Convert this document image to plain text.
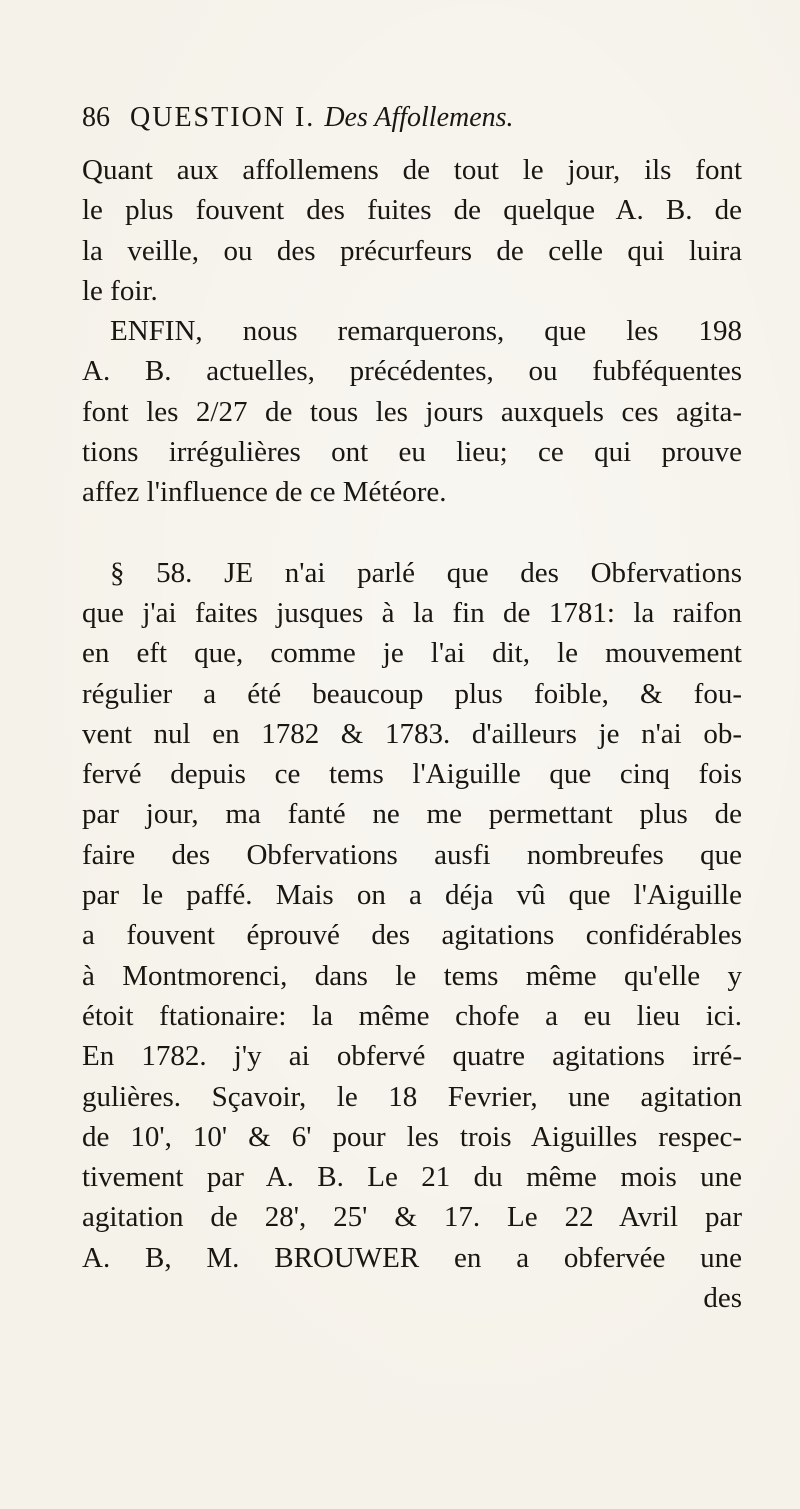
86 QUESTION I. Des Affollemens.
Quant aux affollemens de tout le jour, ils font
le plus fouvent des fuites de quelque A. B. de
la veille, ou des précurfeurs de celle qui luira
le foir.
ENFIN, nous remarquerons, que les 198
A. B. actuelles, précédentes, ou fubféquentes
font les 2/27 de tous les jours auxquels ces agita-
tions irrégulières ont eu lieu; ce qui prouve
affez l'influence de ce Météore.
§ 58. JE n'ai parlé que des Obfervations
que j'ai faites jusques à la fin de 1781: la raifon
en eft que, comme je l'ai dit, le mouvement
régulier a été beaucoup plus foible, & fou-
vent nul en 1782 & 1783. d'ailleurs je n'ai ob-
fervé depuis ce tems l'Aiguille que cinq fois
par jour, ma fanté ne me permettant plus de
faire des Obfervations ausfi nombreufes que
par le paffé. Mais on a déja vû que l'Aiguille
a fouvent éprouvé des agitations confidérables
à Montmorenci, dans le tems même qu'elle y
étoit ftationaire: la même chofe a eu lieu ici.
En 1782. j'y ai obfervé quatre agitations irré-
gulières. Sçavoir, le 18 Fevrier, une agitation
de 10', 10' & 6' pour les trois Aiguilles respec-
tivement par A. B. Le 21 du même mois une
agitation de 28', 25' & 17. Le 22 Avril par
A. B, M. BROUWER en a obfervée une
des
